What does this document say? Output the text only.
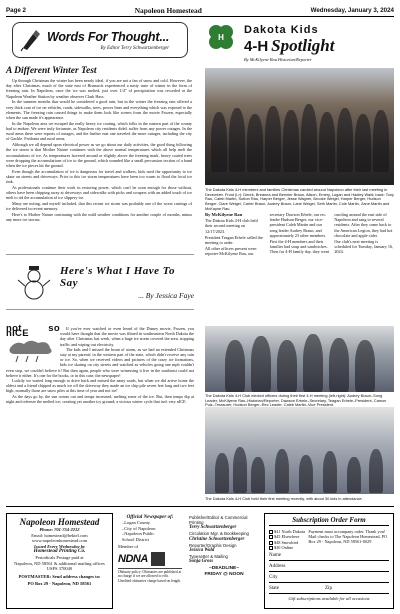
Page 2	Napoleon Homestead	Wednesday, January 3, 2024
Words For Thought...
By Editor Terry Schwartzenberger
A Different Winter Test

Up through Christmas the winter has been nearly ideal, if you are not a fan of snow and cold. However, the day after Christmas, much of the state east of Bismarck experienced a nasty taste of winter in the form of freezing rain. In Napoleon, once the ice was melted, just over 1/4" of precipitation was recorded at the Napoleon Weather Station by weather observer Clark Hass.

In the summer months that would be considered a good rain, but in the winter the freezing rain offered a very thick coat of ice on vehicles, roads, sidewalks, trees, power lines and everything which was exposed to the elements. The freezing rain caused things to make them look like scenes from the movie Frozen, especially when the sun made it's appearance.

In the Napoleon area we escaped the really heavy ice coating, which folks in the eastern part of the county had to endure. We were truly fortunate, as Napoleon city residents didn't suffer from any power outages. In the rural areas there were reports of outages, and the further east one traveled the more outages, including the city of Gackle. Fredonia and rural areas.

Although we all depend upon electrical power as we go about our daily activities, the good thing following the ice storm is that Mother Nature continues with the above normal temperatures which all help melt the accumulations of ice. As temperatures hovered around or slightly above the freezing mark, heavy coated trees were dropping the accumulations of ice to the ground, which sounded like a small percussion section of a band when the ice pieces hit the ground.

Even though the accumulation of ice is dangerous for travel and walkers, kids used the opportunity to ice skate on streets and driveways. Prior to this ice storm temperatures have been too warm to flood the local ice rink.

As professionals continue their work in restoring power, which can't be soon enough for those without, others have been chipping away at driveways and sidewalks with picks and scrapers with an added touch of ice melt to rid the accumulation of ice slippery ice.

Many are noting, and myself included, that this recent ice storm was probably one of the worst castings of ice delivered in recent memory.

Here's to Mother Nature continuing with the mild weather conditions for another couple of months, minus any more ice storms.

Here's What I Have To Say
... By Jessica Faye
not so nICE	If you've ever watched or even heard of the Disney movie, Frozen, you would have thought that the movie was filmed in southeastern North Dakota the day after Christmas last week, when a huge ice storm covered the area, stopping traffic and wiping out electricity.

The kids and I missed the brunt of storm, as we had an extended Christmas stay at my parents' in the western part of the state, which didn't receive any rain or ice. So, when we received videos and pictures of the crazy ice formations, kids ice skating on city streets and watched as vehicles going one mph couldn't even stop, we couldn't believe it! But then again, people who were witnessing it live in the southeast could not believe it either. It's one for the books, or in this case, the newspaper!

Luckily we waited long enough to drive back and missed the nasty roads, but when we did arrive home the oldest and a friend chipped as much ice off the driveway they made an ice chip pile seven feet long and two feet high; normally those are snow piles at this time of year and not ice!

As the days go by, the sun comes out and temps increased, melting some of the ice. But, then temps dip at night and refreeze the melted ice; creating yet another icy ground; a vicious winter cycle that isn't very nICE.

H
Dakota Kids
4-H Spotlight
By McKilyene Rau Historian/Reporter
The Dakota Kids 4-H members and families Christmas caroled around Napoleon after their last meeting in December. Front (l-r): Derek, Breanna and Bennier Braun, Alison, Emery, Logan and Hadley Wald; back: Tony Rau, Caleb Martin, Sutton Rau, Harper Berger, Jesse Wagner, Brooke Weigel, Harper Berger, Hudson Berger, Clare Weigel, Carter Braun, Audrey Braun, Lane Weigel, Seth Martin, Cole Martin, Zane Martin and McKayne Rau.
By McKilyene Rau

The Dakota Kids 4-H club held their second meeting on 12/17/2023.

President Teagan Erbele called the meeting to order.

All other officers present were: reporter McKilyene Rau, our secretary Dawson Erbele, our rec. leader Hudson Berger, our vice-president Caleb Martin and our song leader Audrey Braun, and approximately 23 other members.

First the 4-H members and their families had soup and sandwiches. Then for 4-H family day, they went caroling around the east side of Napoleon and sang to several residents. After they came back to the American Legion, they had hot chocolate and apple cider.

Our club's next meeting is scheduled for Tuesday, January 16, 2024.

The Dakota Kids 4-H Club elected officers during their first 4-H meeting (left-right): Audrey Braun–Song Leader, McKilyene Rau–Historian/Reporter, Dawson Erbele–Secretary, Teagan Erbele–President, Carson Pulz–Treasurer, Hudson Berger–Rec Leader, Caleb Martin–Vice President.
The Dakota Kids 4-H Club held their first meeting recently, with about 30 kids in attendance.
Napoleon Homestead
Phone: 701-754-2212
Email: homestead@bektel.com
www.napoleonhomestead.com
Issued Every Wednesday by
Homestead Printing Co.
Periodicals Postage paid at
Napoleon, ND 58561 & additional mailing offices
USPS 370040
POSTMASTER: Send address changes to:
PO Box 29 - Napoleon, ND 58561
Official Newspaper of:
–Logan County
–City of Napoleon
–Napoleon Public
School District
Member of
NDNA
Obituary policy: Obituaries are published at no charge if we are allowed to edit. Unedited obituaries charge based on length.
Publisher/Editor & Commercial Printing
Terry Schwartzenberger
Circulation Mgr. & Bookkeeping
Christine Schwartzenberger
Reporter/Graphic Design
Jessica Wald
Typesetter & Mailing
Sonja Gross
~DEADLINE~
FRIDAY @ NOON
Subscription Order Form
$41 North Dakota
$45 Elsewhere
$48 Snowbird
$30 Online
Payment must accompany order. Thank you! Mail checks to The Napoleon Homestead, PO Box 29 - Napoleon, ND 58561-0029
Name
Address
City
State	Zip
Gift subscriptions available for all occasions
